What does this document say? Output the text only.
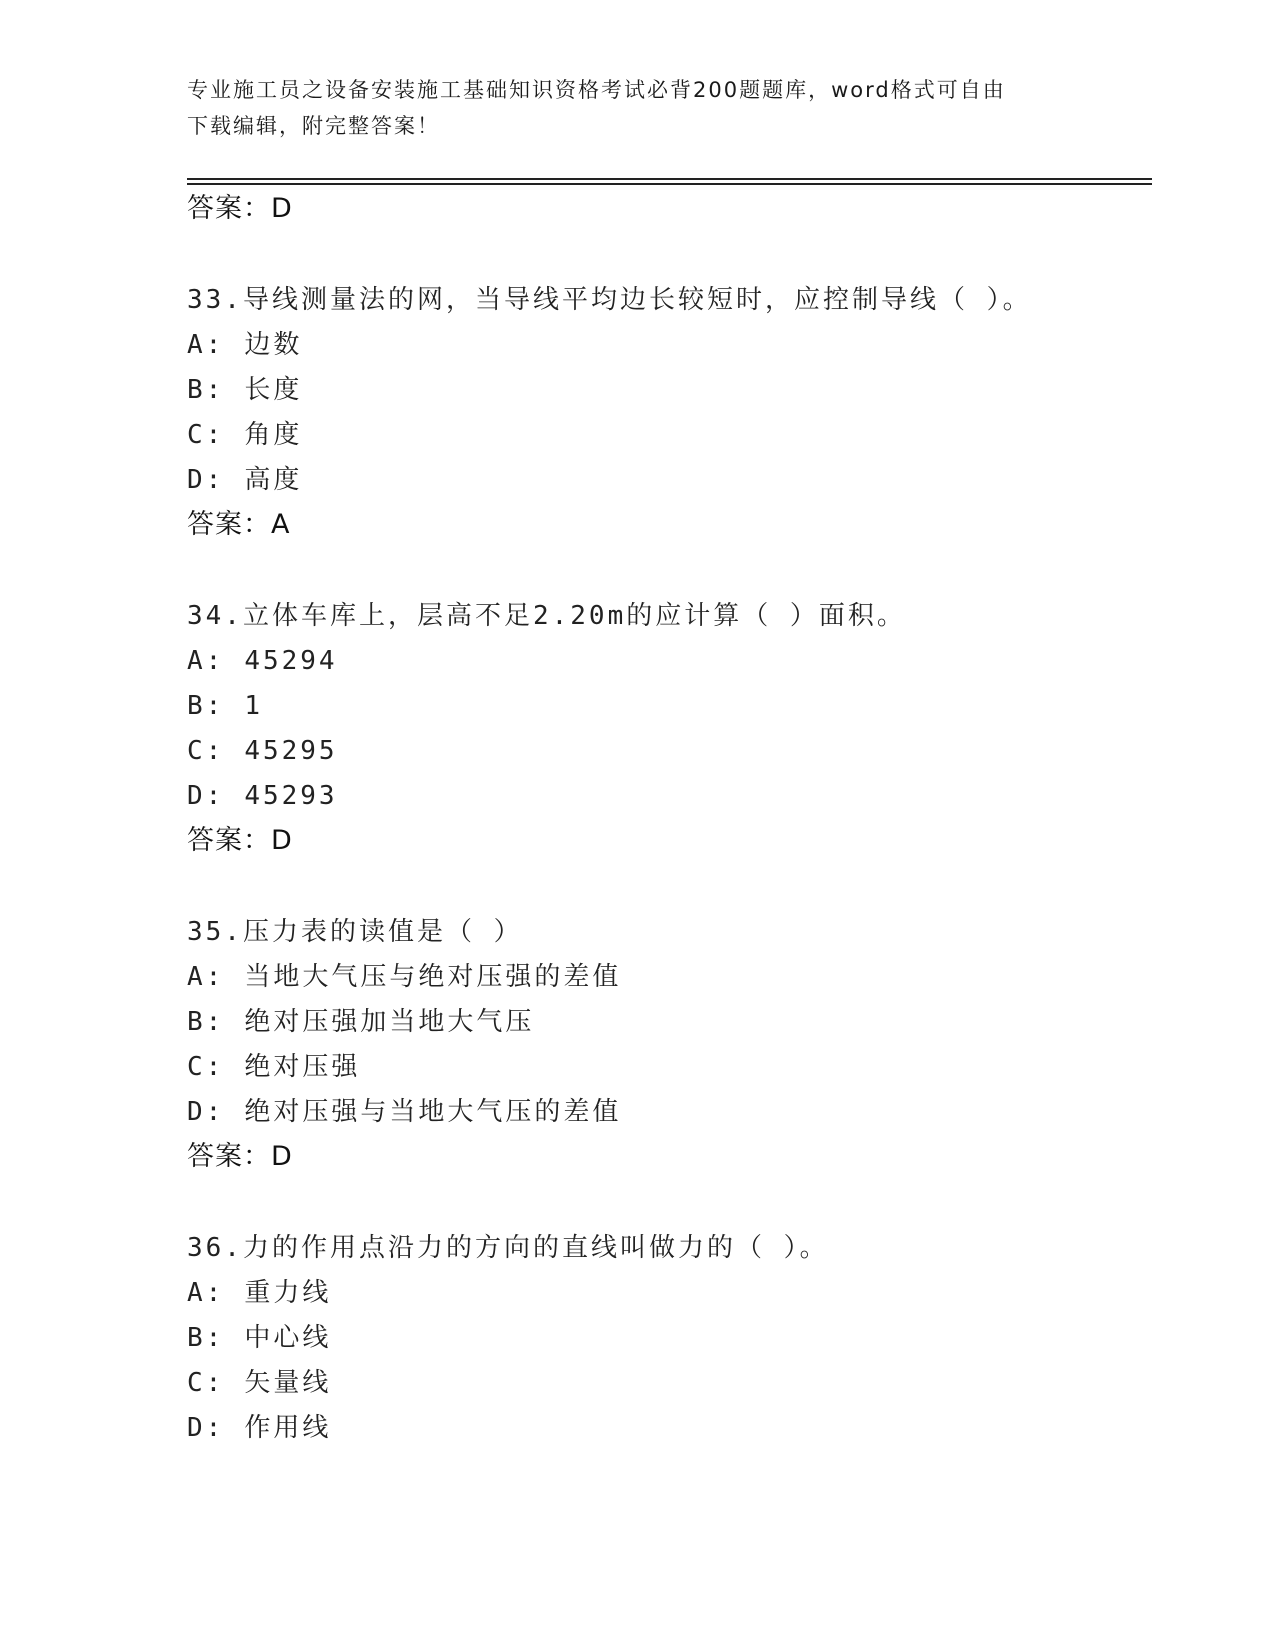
专业施工员之设备安装施工基础知识资格考试必背200题题库，word格式可自由
下载编辑，附完整答案！
答案：D
33.导线测量法的网，当导线平均边长较短时，应控制导线（ ）。
A: 边数
B: 长度
C: 角度
D: 高度
答案：A
34.立体车库上，层高不足2.20m的应计算（ ）面积。
A: 45294
B: 1
C: 45295
D: 45293
答案：D
35.压力表的读值是（ ）
A: 当地大气压与绝对压强的差值
B: 绝对压强加当地大气压
C: 绝对压强
D: 绝对压强与当地大气压的差值
答案：D
36.力的作用点沿力的方向的直线叫做力的（ ）。
A: 重力线
B: 中心线
C: 矢量线
D: 作用线
